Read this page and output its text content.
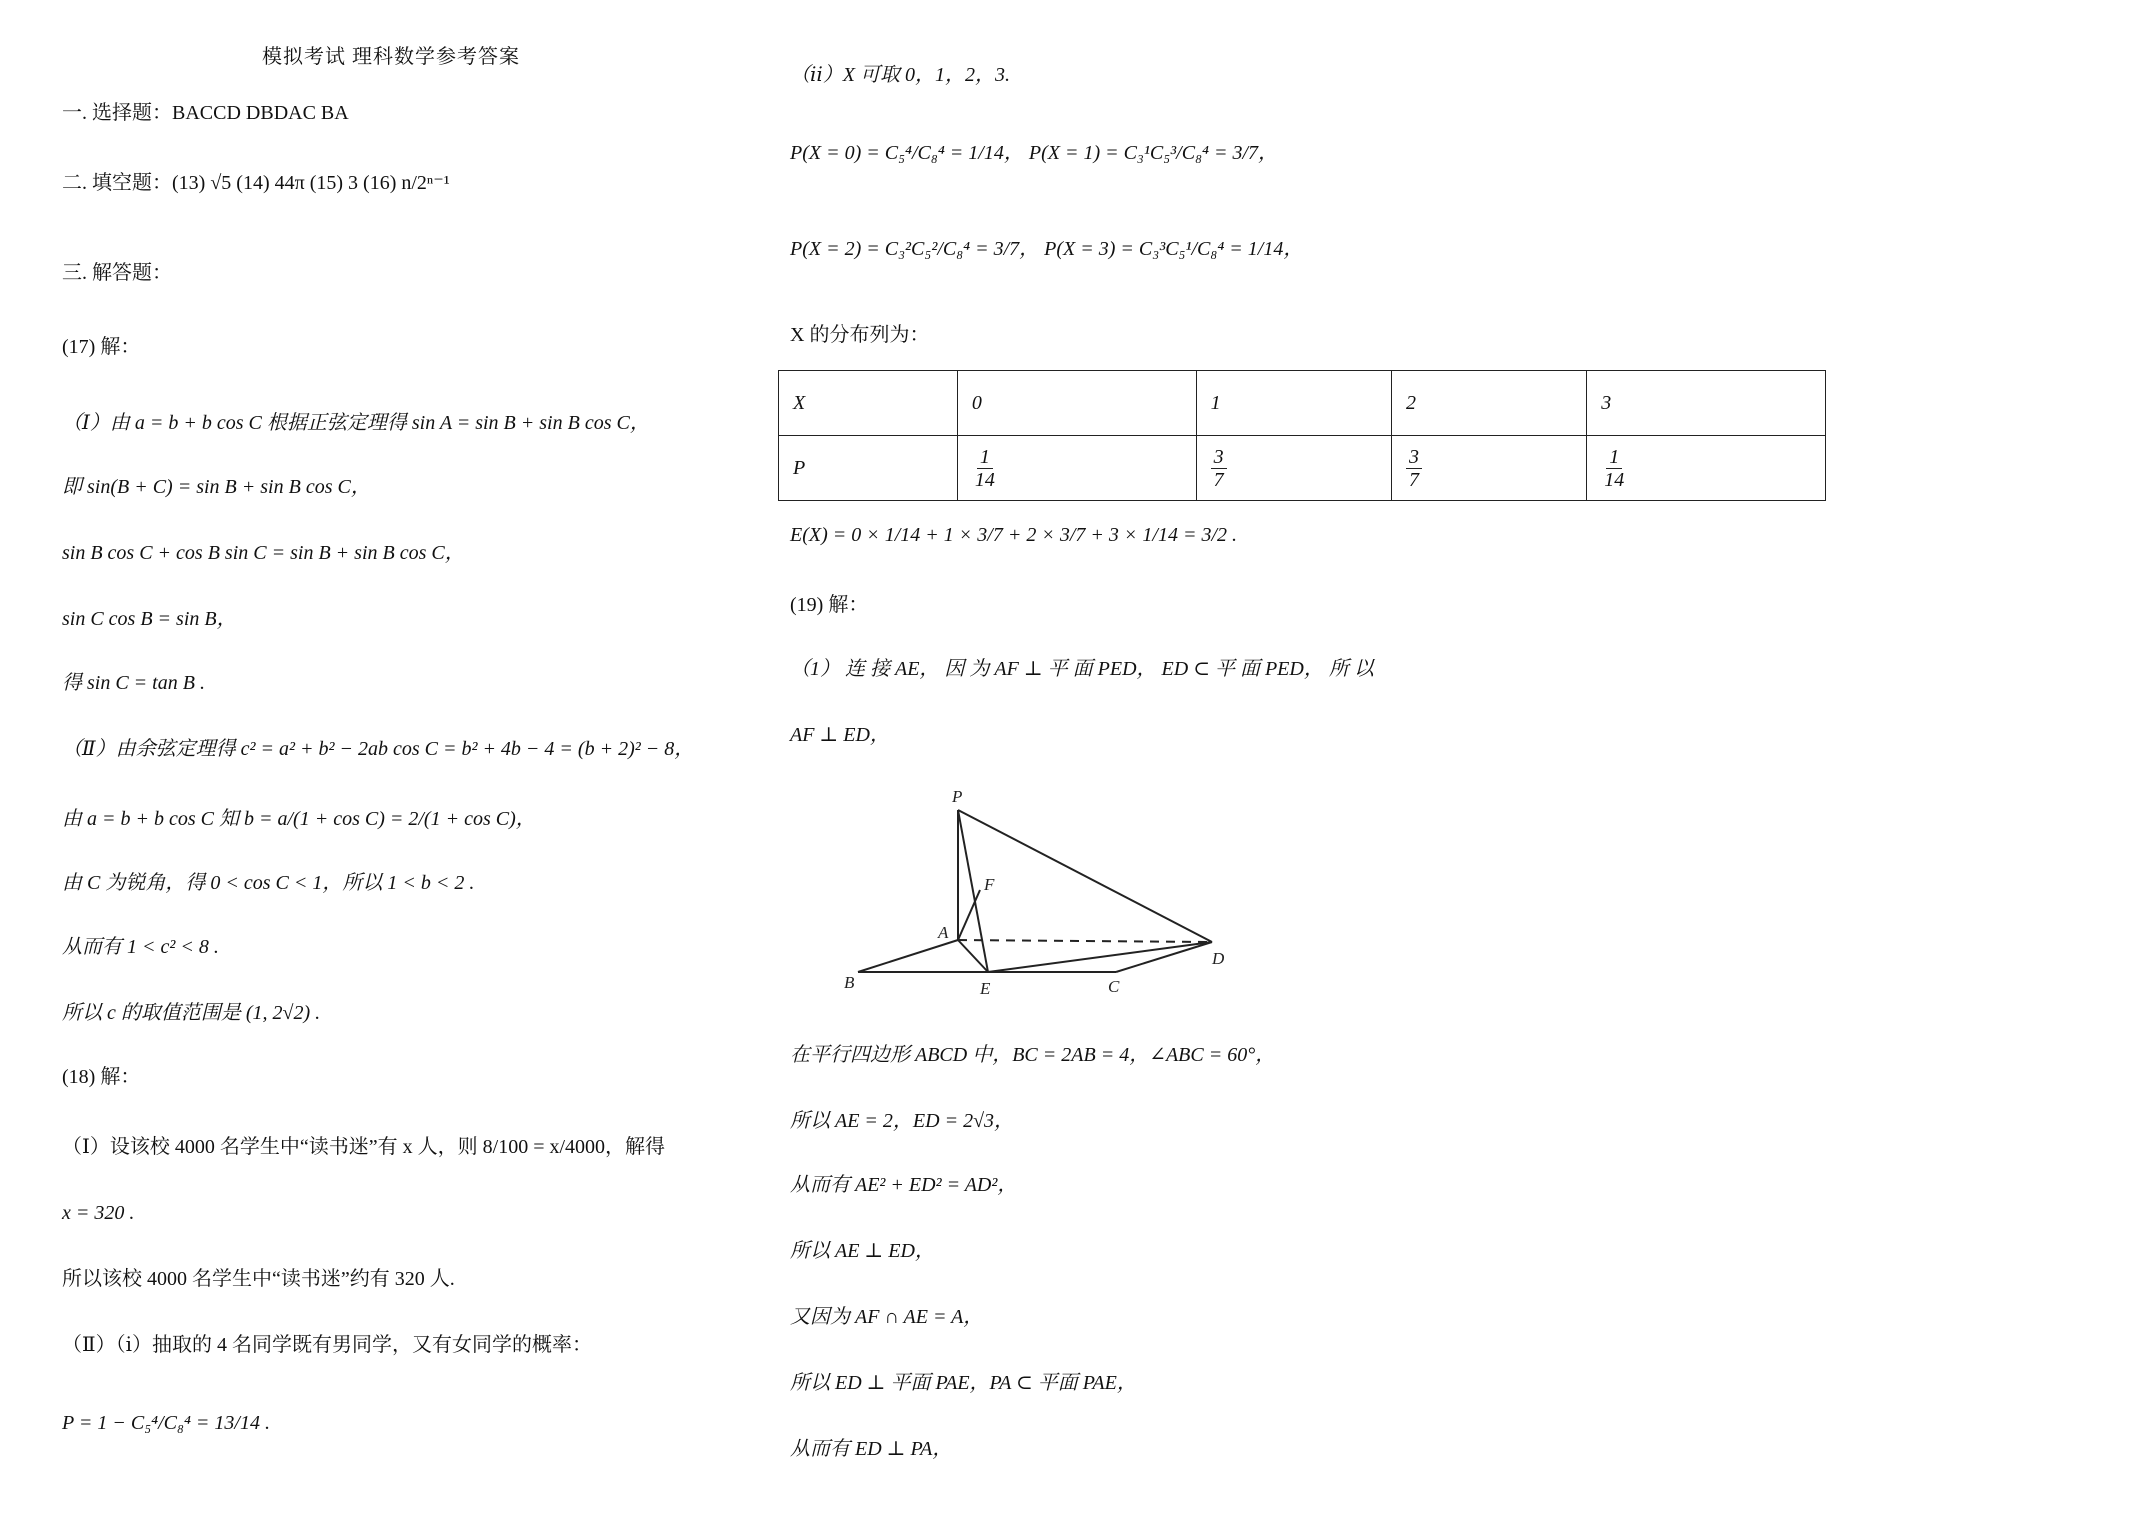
模拟考试 理科数学参考答案
一. 选择题：BACCD DBDAC BA
二. 填空题：(13) √5 (14) 44π (15) 3 (16) n/2ⁿ⁻¹
三. 解答题：
(17) 解：
（Ⅰ）由 a = b + b cos C 根据正弦定理得 sin A = sin B + sin B cos C，
即 sin(B + C) = sin B + sin B cos C，
sin B cos C + cos B sin C = sin B + sin B cos C，
sin C cos B = sin B，
得 sin C = tan B .
（Ⅱ）由余弦定理得 c² = a² + b² − 2ab cos C = b² + 4b − 4 = (b + 2)² − 8，
由 a = b + b cos C 知 b = a/(1 + cos C) = 2/(1 + cos C)，
由 C 为锐角，得 0 < cos C < 1，所以 1 < b < 2 .
从而有 1 < c² < 8 .
所以 c 的取值范围是 (1, 2√2) .
(18) 解：
（Ⅰ）设该校 4000 名学生中“读书迷”有 x 人，则 8/100 = x/4000，解得
x = 320 .
所以该校 4000 名学生中“读书迷”约有 320 人.
（Ⅱ）（ⅰ）抽取的 4 名同学既有男同学，又有女同学的概率：
P = 1 − C₅⁴/C₈⁴ = 13/14 .
（ⅱ）X 可取 0，1，2，3.
P(X = 0) = C₅⁴/C₈⁴ = 1/14， P(X = 1) = C₃¹C₅³/C₈⁴ = 3/7，
P(X = 2) = C₃²C₅²/C₈⁴ = 3/7， P(X = 3) = C₃³C₅¹/C₈⁴ = 1/14，
X 的分布列为：
X	0	1	2	3
P	$\frac{1}{14}$	$\frac{3}{7}$	$\frac{3}{7}$	$\frac{1}{14}$
E(X) = 0 × 1/14 + 1 × 3/7 + 2 × 3/7 + 3 × 1/14 = 3/2 .
(19) 解：
（1） 连 接 AE， 因 为 AF ⊥ 平 面 PED， ED ⊂ 平 面 PED， 所 以
AF ⊥ ED，
P
F
A
D
B	E	C
在平行四边形 ABCD 中，BC = 2AB = 4，∠ABC = 60°，
所以 AE = 2，ED = 2√3，
从而有 AE² + ED² = AD²，
所以 AE ⊥ ED，
又因为 AF ∩ AE = A，
所以 ED ⊥ 平面 PAE，PA ⊂ 平面 PAE，
从而有 ED ⊥ PA，
